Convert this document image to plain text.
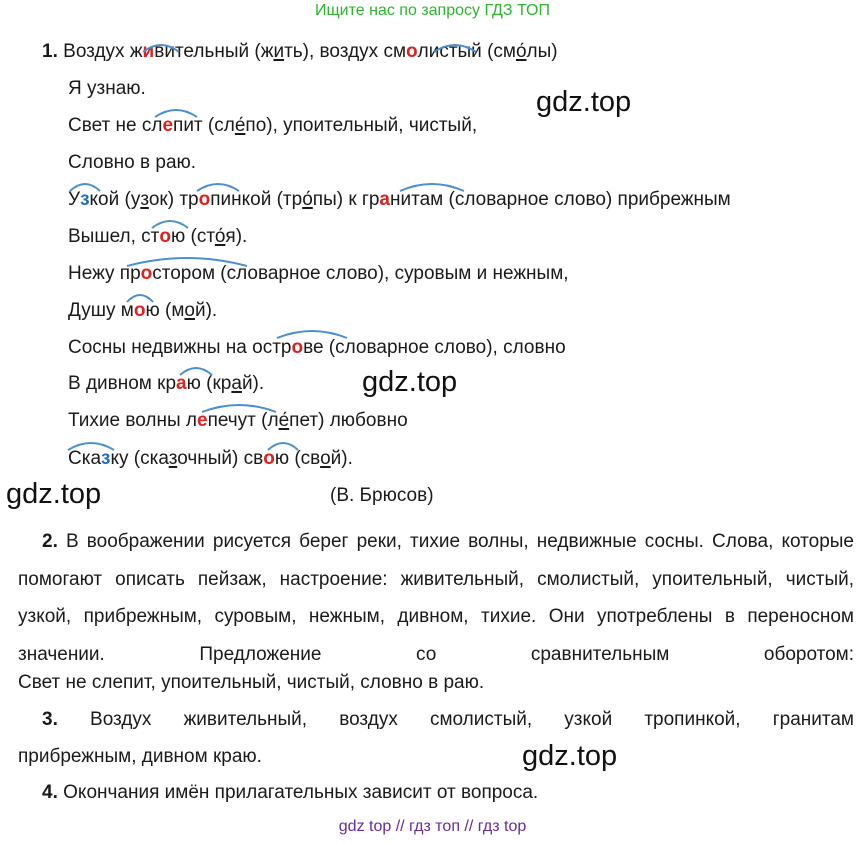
Ищите нас по запросу ГДЗ ТОП
1. Воздух живительный (жить), воздух смолистый (смо́лы)
Я узнаю.
Свет не слепит (сле́по), упоительный, чистый,
Словно в раю.
Узкой (узок) тропинкой (тро́пы) к гранитам (словарное слово) прибрежным
Вышел, стою (сто́я).
Нежу простором (словарное слово), суровым и нежным,
Душу мою (мой).
Сосны недвижны на острове (словарное слово), словно
В дивном краю (край).
Тихие волны лепечут (ле́пет) любовно
Сказку (сказочный) свою (свой).
(В. Брюсов)
gdz.top
gdz.top
gdz.top
gdz.top
2. В воображении рисуется берег реки, тихие волны, недвижные сосны. Слова, которые помогают описать пейзаж, настроение: живительный, смолистый, упоительный, чистый, узкой, прибрежным, суровым, нежным, дивном, тихие. Они употреблены в переносном значении. Предложение со сравнительным оборотом:
Свет не слепит, упоительный, чистый, словно в раю.
3. Воздух живительный, воздух смолистый, узкой тропинкой, гранитам
прибрежным, дивном краю.
4. Окончания имён прилагательных зависит от вопроса.
gdz top // гдз топ // гдз top
